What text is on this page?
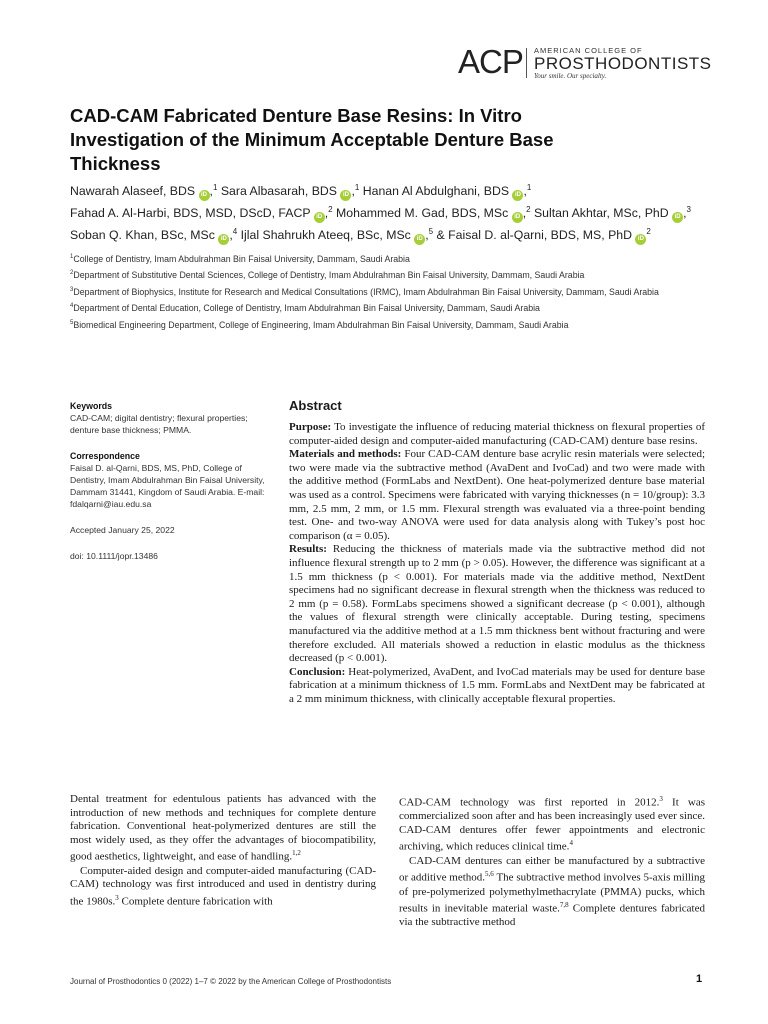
ACP AMERICAN COLLEGE OF
PROSTHODONTISTS
Your smile. Our specialty.
CAD-CAM Fabricated Denture Base Resins: In Vitro Investigation of the Minimum Acceptable Denture Base Thickness
Nawarah Alaseef, BDS iD ,$^1$ Sara Albasarah, BDS iD ,$^1$ Hanan Al Abdulghani, BDS iD ,$^1$
Fahad A. Al-Harbi, BDS, MSD, DScD, FACP iD ,$^2$ Mohammed M. Gad, BDS, MSc iD ,$^2$ Sultan Akhtar, MSc, PhD iD ,$^3$ Soban Q. Khan, BSc, MSc iD ,$^4$ Ijlal Shahrukh Ateeq, BSc, MSc iD ,$^5$ & Faisal D. al-Qarni, BDS, MS, PhD $iD^2$

$^1$College of Dentistry, Imam Abdulrahman Bin Faisal University, Dammam, Saudi Arabia

$^2$Department of Substitutive Dental Sciences, College of Dentistry, Imam Abdulrahman Bin Faisal University, Dammam, Saudi Arabia

$^3$Department of Biophysics, Institute for Research and Medical Consultations (IRMC), Imam Abdulrahman Bin Faisal University, Dammam, Saudi Arabia

$^4$Department of Dental Education, College of Dentistry, Imam Abdulrahman Bin Faisal University, Dammam, Saudi Arabia

$^5$Biomedical Engineering Department, College of Engineering, Imam Abdulrahman Bin Faisal University, Dammam, Saudi Arabia

Keywords

CAD-CAM; digital dentistry; flexural properties; denture base thickness; PMMA.

Correspondence

Faisal D. al-Qarni, BDS, MS, PhD, College of Dentistry, Imam Abdulrahman Bin Faisal University, Dammam 31441, Kingdom of Saudi Arabia. E-mail: fdalqarni@iau.edu.sa

Accepted January 25, 2022

doi: 10.1111/jopr.13486

Abstract

Purpose: To investigate the influence of reducing material thickness on flexural properties of computer-aided design and computer-aided manufacturing (CAD-CAM) denture base resins.

Materials and methods: Four CAD-CAM denture base acrylic resin materials were selected; two were made via the subtractive method (AvaDent and IvoCad) and two were made with the additive method (FormLabs and NextDent). One heat-polymerized denture base material was used as a control. Specimens were fabricated with varying thicknesses (n = 10/group): 3.3 mm, 2.5 mm, 2 mm, or 1.5 mm. Flexural strength was evaluated via a three-point bending test. One- and two-way ANOVA were used for data analysis along with Tukey’s post hoc comparison (α = 0.05).

Results: Reducing the thickness of materials made via the subtractive method did not influence flexural strength up to 2 mm (p > 0.05). However, the difference was significant at a 1.5 mm thickness (p < 0.001). For materials made via the additive method, NextDent specimens had no significant decrease in flexural strength when the thickness was reduced to 2 mm (p = 0.58). FormLabs specimens showed a significant decrease (p < 0.001), although the values of flexural strength were clinically acceptable. During testing, specimens manufactured via the additive method at a 1.5 mm thickness bent without fracturing and were therefore excluded. All materials showed a reduction in elastic modulus as the thickness decreased (p < 0.001).

Conclusion: Heat-polymerized, AvaDent, and IvoCad materials may be used for denture base fabrication at a minimum thickness of 1.5 mm. FormLabs and NextDent may be fabricated at a 2 mm minimum thickness, with clinically acceptable flexural properties.

Dental treatment for edentulous patients has advanced with the introduction of new methods and techniques for complete denture fabrication. Conventional heat-polymerized dentures are still the most widely used, as they offer the advantages of biocompatibility, good aesthetics, lightweight, and ease of handling.$^{1,2}$

Computer-aided design and computer-aided manufacturing (CAD-CAM) technology was first introduced and used in dentistry during the 1980s.$^3$ Complete denture fabrication with

CAD-CAM technology was first reported in 2012.$^3$ It was commercialized soon after and has been increasingly used ever since. CAD-CAM dentures offer fewer appointments and electronic archiving, which reduces clinical time.$^4$

CAD-CAM dentures can either be manufactured by a subtractive or additive method.$^{5,6}$ The subtractive method involves 5-axis milling of pre-polymerized polymethylmethacrylate (PMMA) pucks, which results in inevitable material waste.$^{7,8}$ Complete dentures fabricated via the subtractive method

Journal of Prosthodontics 0 (2022) 1–7 © 2022 by the American College of Prosthodontists	1
